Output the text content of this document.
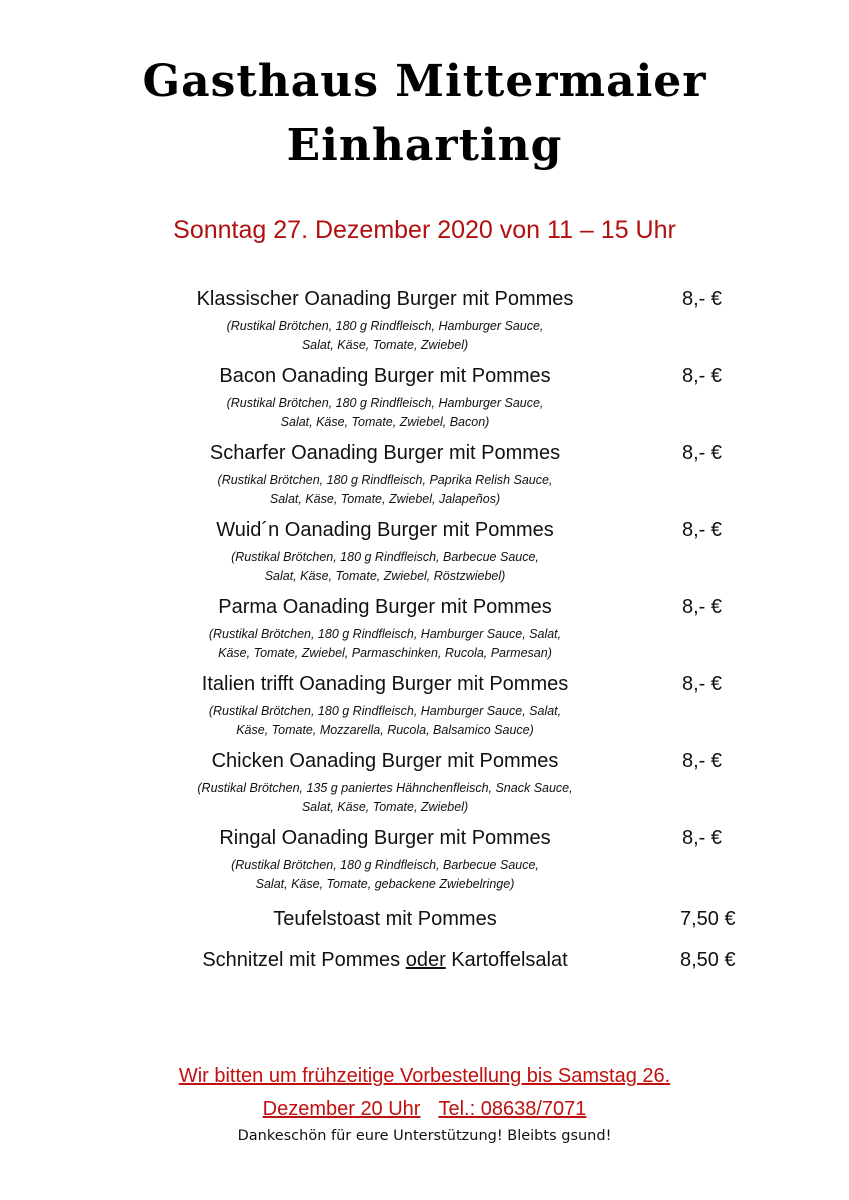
Gasthaus Mittermaier
Einharting
Sonntag 27. Dezember 2020 von 11 – 15 Uhr
Klassischer Oanading Burger mit Pommes
(Rustikal Brötchen, 180 g Rindfleisch, Hamburger Sauce,
Salat, Käse, Tomate, Zwiebel)
8,- €
Bacon Oanading Burger mit Pommes
(Rustikal Brötchen, 180 g Rindfleisch, Hamburger Sauce,
Salat, Käse, Tomate, Zwiebel, Bacon)
8,- €
Scharfer Oanading Burger mit Pommes
(Rustikal Brötchen, 180 g Rindfleisch, Paprika Relish Sauce,
Salat, Käse, Tomate, Zwiebel, Jalapeños)
8,- €
Wuid´n Oanading Burger mit Pommes
(Rustikal Brötchen, 180 g Rindfleisch, Barbecue Sauce,
Salat, Käse, Tomate, Zwiebel, Röstzwiebel)
8,- €
Parma Oanading Burger mit Pommes
(Rustikal Brötchen, 180 g Rindfleisch, Hamburger Sauce, Salat,
Käse, Tomate, Zwiebel, Parmaschinken, Rucola, Parmesan)
8,- €
Italien trifft Oanading Burger mit Pommes
(Rustikal Brötchen, 180 g Rindfleisch, Hamburger Sauce, Salat,
Käse, Tomate, Mozzarella, Rucola, Balsamico Sauce)
8,- €
Chicken Oanading Burger mit Pommes
(Rustikal Brötchen, 135 g paniertes Hähnchenfleisch, Snack Sauce,
Salat, Käse, Tomate, Zwiebel)
8,- €
Ringal Oanading Burger mit Pommes
(Rustikal Brötchen, 180 g Rindfleisch, Barbecue Sauce,
Salat, Käse, Tomate, gebackene Zwiebelringe)
8,- €
Teufelstoast mit Pommes	7,50 €
Schnitzel mit Pommes oder Kartoffelsalat	8,50 €
Wir bitten um frühzeitige Vorbestellung bis Samstag 26.
Dezember 20 Uhr Tel.: 08638/7071
Dankeschön für eure Unterstützung! Bleibts gsund!
